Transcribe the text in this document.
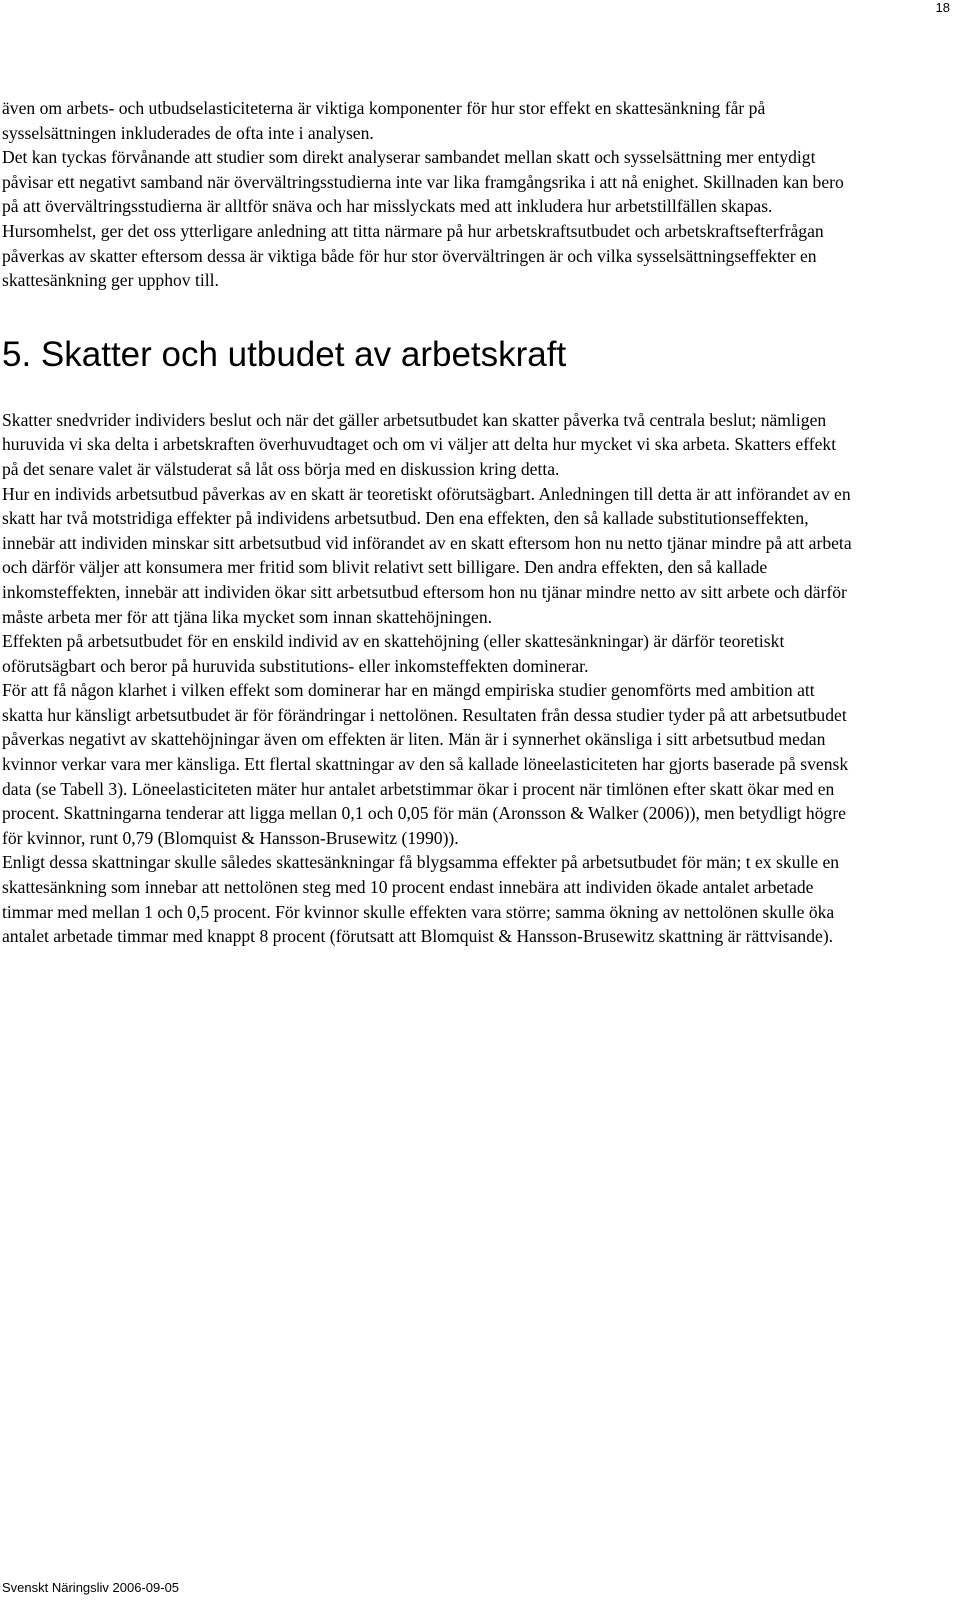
18

även om arbets- och utbudselasticiteterna är viktiga komponenter för hur stor effekt en skattesänkning får på sysselsättningen inkluderades de ofta inte i analysen.

Det kan tyckas förvånande att studier som direkt analyserar sambandet mellan skatt och sysselsättning mer entydigt påvisar ett negativt samband när övervältringsstudierna inte var lika framgångsrika i att nå enighet. Skillnaden kan bero på att övervältringsstudierna är alltför snäva och har misslyckats med att inkludera hur arbetstillfällen skapas. Hursomhelst, ger det oss ytterligare anledning att titta närmare på hur arbetskraftsutbudet och arbetskraftsefterfrågan påverkas av skatter eftersom dessa är viktiga både för hur stor övervältringen är och vilka sysselsättningseffekter en skattesänkning ger upphov till.

5. Skatter och utbudet av arbetskraft

Skatter snedvrider individers beslut och när det gäller arbetsutbudet kan skatter påverka två centrala beslut; nämligen huruvida vi ska delta i arbetskraften överhuvudtaget och om vi väljer att delta hur mycket vi ska arbeta. Skatters effekt på det senare valet är välstuderat så låt oss börja med en diskussion kring detta.

Hur en individs arbetsutbud påverkas av en skatt är teoretiskt oförutsägbart. Anledningen till detta är att införandet av en skatt har två motstridiga effekter på individens arbetsutbud. Den ena effekten, den så kallade substitutionseffekten, innebär att individen minskar sitt arbetsutbud vid införandet av en skatt eftersom hon nu netto tjänar mindre på att arbeta och därför väljer att konsumera mer fritid som blivit relativt sett billigare. Den andra effekten, den så kallade inkomsteffekten, innebär att individen ökar sitt arbetsutbud eftersom hon nu tjänar mindre netto av sitt arbete och därför måste arbeta mer för att tjäna lika mycket som innan skattehöjningen.

Effekten på arbetsutbudet för en enskild individ av en skattehöjning (eller skattesänkningar) är därför teoretiskt oförutsägbart och beror på huruvida substitutions- eller inkomsteffekten dominerar.

För att få någon klarhet i vilken effekt som dominerar har en mängd empiriska studier genomförts med ambition att skatta hur känsligt arbetsutbudet är för förändringar i nettolönen. Resultaten från dessa studier tyder på att arbetsutbudet påverkas negativt av skattehöjningar även om effekten är liten. Män är i synnerhet okänsliga i sitt arbetsutbud medan kvinnor verkar vara mer känsliga. Ett flertal skattningar av den så kallade löneelasticiteten har gjorts baserade på svensk data (se Tabell 3). Löneelasticiteten mäter hur antalet arbetstimmar ökar i procent när timlönen efter skatt ökar med en procent. Skattningarna tenderar att ligga mellan 0,1 och 0,05 för män (Aronsson & Walker (2006)), men betydligt högre för kvinnor, runt 0,79 (Blomquist & Hansson-Brusewitz (1990)).

Enligt dessa skattningar skulle således skattesänkningar få blygsamma effekter på arbetsutbudet för män; t ex skulle en skattesänkning som innebar att nettolönen steg med 10 procent endast innebära att individen ökade antalet arbetade timmar med mellan 1 och 0,5 procent. För kvinnor skulle effekten vara större; samma ökning av nettolönen skulle öka antalet arbetade timmar med knappt 8 procent (förutsatt att Blomquist & Hansson-Brusewitz skattning är rättvisande).

Svenskt Näringsliv 2006-09-05
